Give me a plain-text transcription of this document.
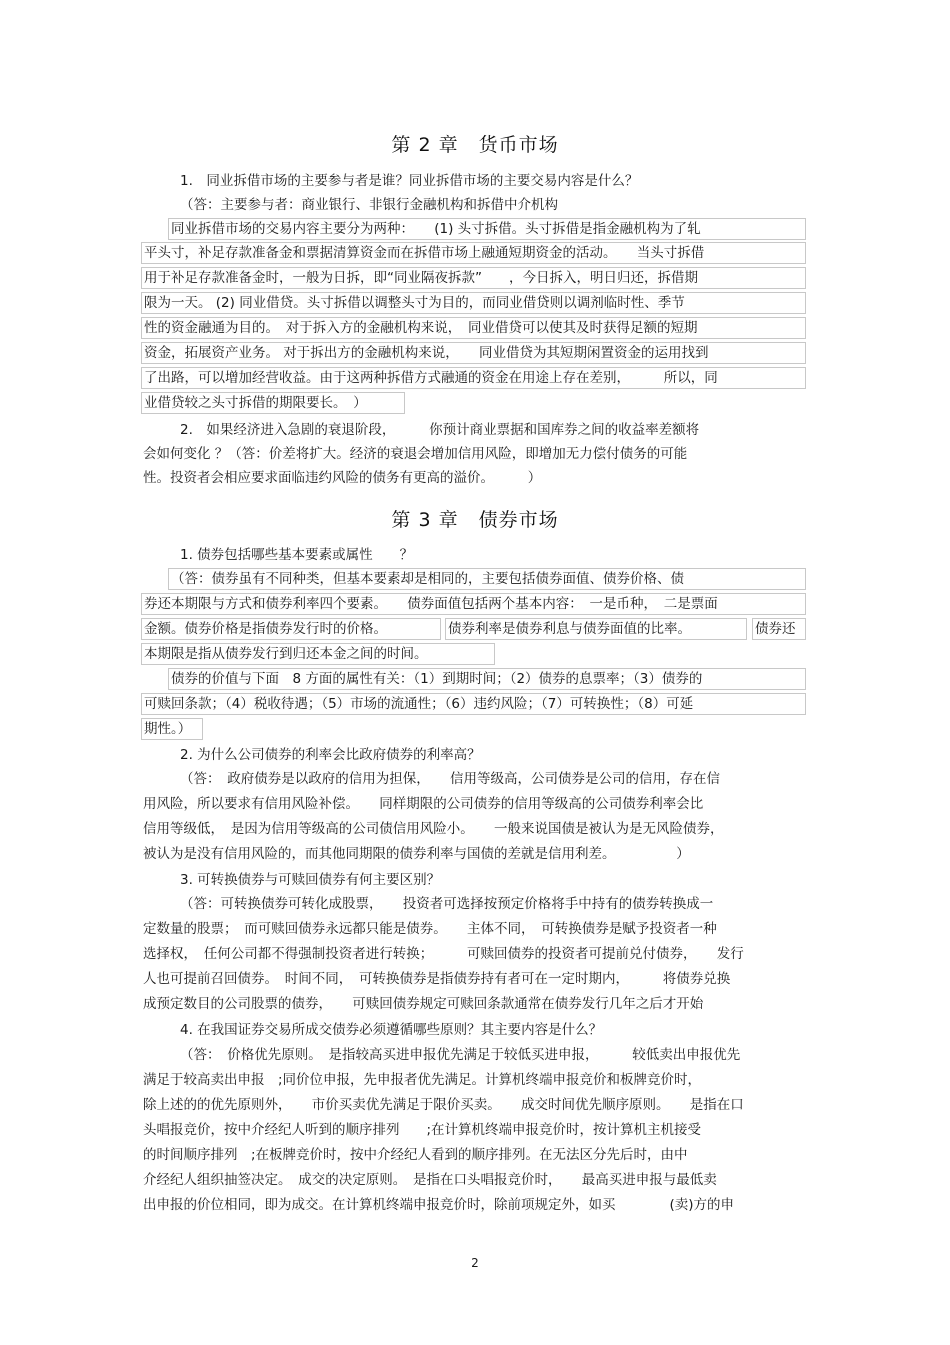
第 2 章　货币市场
1.　同业拆借市场的主要参与者是谁？同业拆借市场的主要交易内容是什么？
（答：主要参与者：商业银行、非银行金融机构和拆借中介机构
同业拆借市场的交易内容主要分为两种：　　(1) 头寸拆借。头寸拆借是指金融机构为了轧
平头寸，补足存款准备金和票据清算资金而在拆借市场上融通短期资金的活动。　　当头寸拆借
用于补足存款准备金时，一般为日拆，即“同业隔夜拆款”　　，今日拆入，明日归还，拆借期
限为一天。 (2) 同业借贷。头寸拆借以调整头寸为目的，而同业借贷则以调剂临时性、季节
性的资金融通为目的。　对于拆入方的金融机构来说，　同业借贷可以使其及时获得足额的短期
资金，拓展资产业务。 对于拆出方的金融机构来说，　　同业借贷为其短期闲置资金的运用找到
了出路，可以增加经营收益。由于这两种拆借方式融通的资金在用途上存在差别，　　　所以，同
业借贷较之头寸拆借的期限要长。　）
2.　如果经济进入急剧的衰退阶段，　　　你预计商业票据和国库券之间的收益率差额将
会如何变化 ？（答：价差将扩大。经济的衰退会增加信用风险，即增加无力偿付债务的可能
性。投资者会相应要求面临违约风险的债务有更高的溢价。　　　）
第 3 章　债券市场
1. 债券包括哪些基本要素或属性　　？
（答：债券虽有不同种类，但基本要素却是相同的，主要包括债券面值、债券价格、债
券还本期限与方式和债券利率四个要素。　　债券面值包括两个基本内容：　一是币种，　二是票面
金额。债券价格是指债券发行时的价格。	债券利率是债券利息与债券面值的比率。	债券还
本期限是指从债券发行到归还本金之间的时间。
债券的价值与下面　8 方面的属性有关：（1）到期时间；（2）债券的息票率；（3）债券的
可赎回条款；（4）税收待遇；（5）市场的流通性；（6）违约风险；（7）可转换性；（8）可延
期性。）
2. 为什么公司债券的利率会比政府债券的利率高？
（答：　政府债券是以政府的信用为担保，　　信用等级高，公司债券是公司的信用，存在信
用风险，所以要求有信用风险补偿。　　同样期限的公司债券的信用等级高的公司债券利率会比
信用等级低，　是因为信用等级高的公司债信用风险小。　　一般来说国债是被认为是无风险债券，
被认为是没有信用风险的，而其他同期限的债券利率与国债的差就是信用利差。　　　　　）
3. 可转换债券与可赎回债券有何主要区别？
（答：可转换债券可转化成股票，　　投资者可选择按预定价格将手中持有的债券转换成一
定数量的股票；　而可赎回债券永远都只能是债券。　　主体不同，　可转换债券是赋予投资者一种
选择权，　任何公司都不得强制投资者进行转换；　　　可赎回债券的投资者可提前兑付债券，　　发行
人也可提前召回债券。　时间不同，　可转换债券是指债券持有者可在一定时期内，　　　将债券兑换
成预定数目的公司股票的债券，　　可赎回债券规定可赎回条款通常在债券发行几年之后才开始
4. 在我国证券交易所成交债券必须遵循哪些原则？其主要内容是什么？
（答：　价格优先原则。　是指较高买进申报优先满足于较低买进申报，　　　较低卖出申报优先
满足于较高卖出申报　;同价位申报，先申报者优先满足。计算机终端申报竞价和板牌竞价时，
除上述的的优先原则外，　　市价买卖优先满足于限价买卖。　　成交时间优先顺序原则。　　是指在口
头唱报竞价，按中介经纪人听到的顺序排列　　;在计算机终端申报竞价时，按计算机主机接受
的时间顺序排列　;在板牌竞价时，按中介经纪人看到的顺序排列。在无法区分先后时，由中
介经纪人组织抽签决定。　成交的决定原则。　是指在口头唱报竞价时，　　最高买进申报与最低卖
出申报的价位相同，即为成交。在计算机终端申报竞价时，除前项规定外，如买　　　　(卖)方的申
2
